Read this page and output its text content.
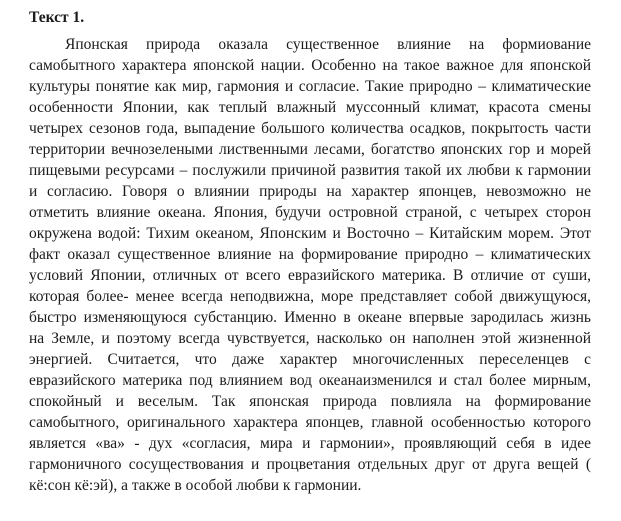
Текст 1.
Японская природа оказала существенное влияние на формиование
самобытного характера японской нации. Особенно на такое важное для японской
культуры понятие как мир, гармония и согласие. Такие природно – климатические
особенности Японии, как теплый влажный муссонный климат, красота смены
четырех сезонов года, выпадение большого количества осадков, покрытость части
территории вечнозелеными лиственными лесами, богатство японских гор и морей
пищевыми ресурсами – послужили причиной развития такой их любви к гармонии
и согласию. Говоря о влиянии природы на характер японцев, невозможно не
отметить влияние океана. Япония, будучи островной страной, с четырех сторон
окружена водой: Тихим океаном, Японским и Восточно – Китайским морем. Этот
факт оказал существенное влияние на формирование природно – климатических
условий Японии, отличных от всего евразийского материка. В отличие от суши,
которая более- менее всегда неподвижна, море представляет собой движущуюся,
быстро изменяющуюся субстанцию. Именно в океане впервые зародилась жизнь
на Земле, и поэтому всегда чувствуется, насколько он наполнен этой жизненной
энергией. Считается, что даже характер многочисленных переселенцев с
евразийского материка под влиянием вод океанаизменился и стал более мирным,
спокойный и веселым. Так японская природа повлияла на формирование
самобытного, оригинального характера японцев, главной особенностью которого
является «ва» - дух «согласия, мира и гармонии», проявляющий себя в идее
гармоничного сосуществования и процветания отдельных друг от друга вещей (
кё:сон кё:эй), а также в особой любви к гармонии.
